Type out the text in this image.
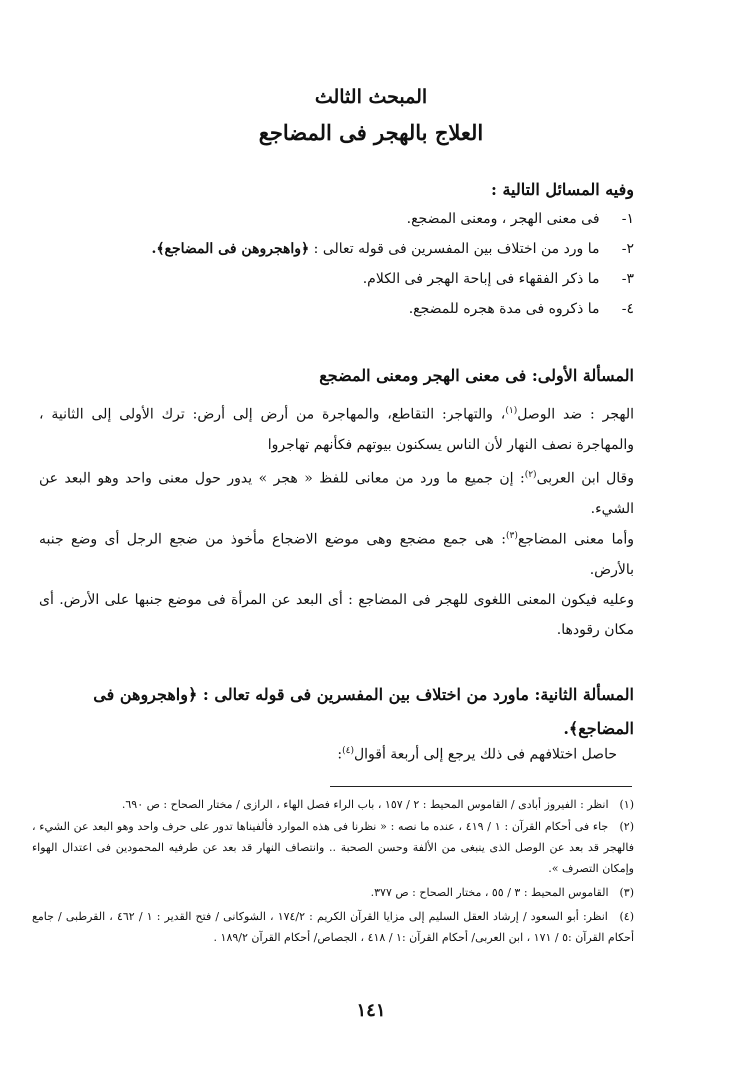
المبحث الثالث
العلاج بالهجر فى المضاجع
وفيه المسائل التالية :
١- فى معنى الهجر ، ومعنى المضجع.
٢- ما ورد من اختلاف بين المفسرين فى قوله تعالى : ﴿واهجروهن فى المضاجع﴾.
٣- ما ذكر الفقهاء فى إباحة الهجر فى الكلام.
٤- ما ذكروه فى مدة هجره للمضجع.
المسألة الأولى: فى معنى الهجر ومعنى المضجع
الهجر : ضد الوصل$^{(١)}$، والتهاجر: التقاطع، والمهاجرة من أرض إلى أرض: ترك الأولى إلى الثانية ، والمهاجرة نصف النهار لأن الناس يسكنون بيوتهم فكأنهم تهاجروا
وقال ابن العربى$^{(٢)}$: إن جميع ما ورد من معانى للفظ « هجر » يدور حول معنى واحد وهو البعد عن الشيء.
وأما معنى المضاجع$^{(٣)}$: هى جمع مضجع وهى موضع الاضجاع مأخوذ من ضجع الرجل أى وضع جنبه بالأرض.
وعليه فيكون المعنى اللغوى للهجر فى المضاجع : أى البعد عن المرأة فى موضع جنبها على الأرض. أى مكان رقودها.
المسألة الثانية: ماورد من اختلاف بين المفسرين فى قوله تعالى : ﴿واهجروهن فى المضاجع﴾.
حاصل اختلافهم فى ذلك يرجع إلى أربعة أقوال$^{(٤)}$:
(١) انظر : الفيروز أبادى / القاموس المحيط : ٢ / ١٥٧ ، باب الراء فصل الهاء ، الرازى / مختار الصحاح : ص ٦٩٠.
(٢) جاء فى أحكام القرآن : ١ / ٤١٩ ، عنده ما نصه : « نظرنا فى هذه الموارد فألفيناها تدور على حرف واحد وهو البعد عن الشيء ، فالهجر قد بعد عن الوصل الذى ينبغى من الألفة وحسن الصحبة .. وانتصاف النهار قد بعد عن طرفيه المحمودين فى اعتدال الهواء وإمكان التصرف ».
(٣) القاموس المحيط : ٣ / ٥٥ ، مختار الصحاح : ص ٣٧٧.
(٤) انظر: أبو السعود / إرشاد العقل السليم إلى مزايا القرآن الكريم : ١٧٤/٢ ، الشوكانى / فتح القدير : ١ / ٤٦٢ ، القرطبى / جامع أحكام القرآن :٥ / ١٧١ ، ابن العربى/ أحكام القرآن :١ / ٤١٨ ، الجصاص/ أحكام القرآن ١٨٩/٢ .
١٤١
